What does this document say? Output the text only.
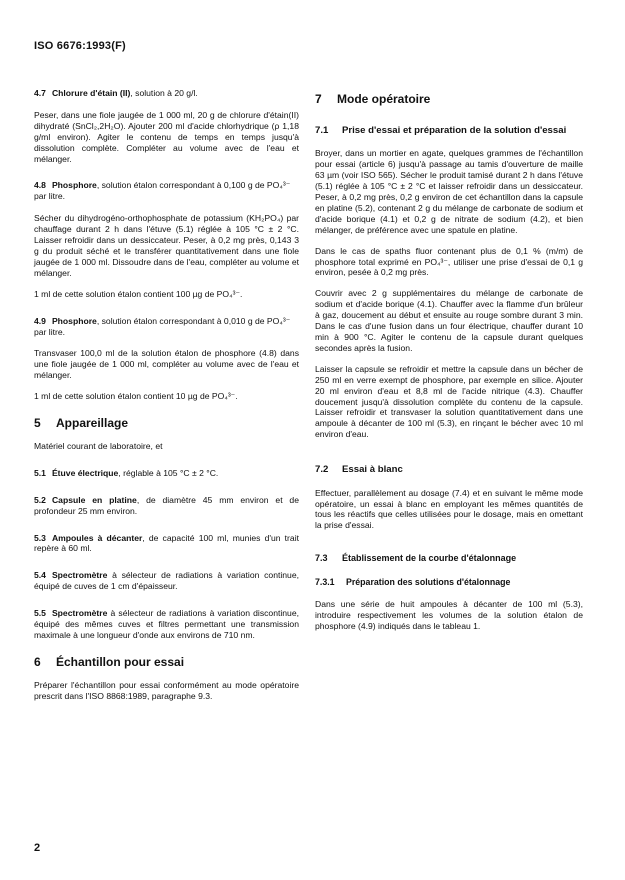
ISO 6676:1993(F)
4.7 Chlorure d'étain (II), solution à 20 g/l.
Peser, dans une fiole jaugée de 1 000 ml, 20 g de chlorure d'étain(II) dihydraté (SnCl₂,2H₂O). Ajouter 200 ml d'acide chlorhydrique (ρ 1,18 g/ml environ). Agiter le contenu de temps en temps jusqu'à dissolution complète. Compléter au volume avec de l'eau et mélanger.
4.8 Phosphore, solution étalon correspondant à 0,100 g de PO₄³⁻ par litre.
Sécher du dihydrogéno-orthophosphate de potassium (KH₂PO₄) par chauffage durant 2 h dans l'étuve (5.1) réglée à 105 °C ± 2 °C. Laisser refroidir dans un dessiccateur. Peser, à 0,2 mg près, 0,143 3 g du produit séché et le transférer quantitativement dans une fiole jaugée de 1 000 ml. Dissoudre dans de l'eau, compléter au volume et mélanger.
1 ml de cette solution étalon contient 100 µg de PO₄³⁻.
4.9 Phosphore, solution étalon correspondant à 0,010 g de PO₄³⁻ par litre.
Transvaser 100,0 ml de la solution étalon de phosphore (4.8) dans une fiole jaugée de 1 000 ml, compléter au volume avec de l'eau et mélanger.
1 ml de cette solution étalon contient 10 µg de PO₄³⁻.
5 Appareillage
Matériel courant de laboratoire, et
5.1 Étuve électrique, réglable à 105 °C ± 2 °C.
5.2 Capsule en platine, de diamètre 45 mm environ et de profondeur 25 mm environ.
5.3 Ampoules à décanter, de capacité 100 ml, munies d'un trait repère à 60 ml.
5.4 Spectromètre à sélecteur de radiations à variation continue, équipé de cuves de 1 cm d'épaisseur.
5.5 Spectromètre à sélecteur de radiations à variation discontinue, équipé des mêmes cuves et filtres permettant une transmission maximale à une longueur d'onde aux environs de 710 nm.
6 Échantillon pour essai
Préparer l'échantillon pour essai conformément au mode opératoire prescrit dans l'ISO 8868:1989, paragraphe 9.3.
7 Mode opératoire
7.1	Prise d'essai et préparation de la solution d'essai
Broyer, dans un mortier en agate, quelques grammes de l'échantillon pour essai (article 6) jusqu'à passage au tamis d'ouverture de maille 63 µm (voir ISO 565). Sécher le produit tamisé durant 2 h dans l'étuve (5.1) réglée à 105 °C ± 2 °C et laisser refroidir dans un dessiccateur. Peser, à 0,2 mg près, 0,2 g environ de cet échantillon dans la capsule en platine (5.2), contenant 2 g du mélange de carbonate de sodium et d'acide borique (4.1) et 0,2 g de nitrate de sodium (4.2), et bien mélanger, de préférence avec une spatule en platine.
Dans le cas de spaths fluor contenant plus de 0,1 % (m/m) de phosphore total exprimé en PO₄³⁻, utiliser une prise d'essai de 0,1 g environ, pesée à 0,2 mg près.
Couvrir avec 2 g supplémentaires du mélange de carbonate de sodium et d'acide borique (4.1). Chauffer avec la flamme d'un brûleur à gaz, doucement au début et ensuite au rouge sombre durant 3 min. Dans le cas d'une fusion dans un four électrique, chauffer durant 10 min à 900 °C. Agiter le contenu de la capsule durant quelques secondes après la fusion.
Laisser la capsule se refroidir et mettre la capsule dans un bécher de 250 ml en verre exempt de phosphore, par exemple en silice. Ajouter 20 ml environ d'eau et 8,8 ml de l'acide nitrique (4.3). Chauffer doucement jusqu'à dissolution complète du contenu de la capsule. Laisser refroidir et transvaser la solution quantitativement dans une ampoule à décanter de 100 ml (5.3), en rinçant le bécher avec 10 ml environ d'eau.
7.2 Essai à blanc
Effectuer, parallèlement au dosage (7.4) et en suivant le même mode opératoire, un essai à blanc en employant les mêmes quantités de tous les réactifs que celles utilisées pour le dosage, mais en omettant la prise d'essai.
7.3 Établissement de la courbe d'étalonnage
7.3.1 Préparation des solutions d'étalonnage
Dans une série de huit ampoules à décanter de 100 ml (5.3), introduire respectivement les volumes de la solution étalon de phosphore (4.9) indiqués dans le tableau 1.
2
